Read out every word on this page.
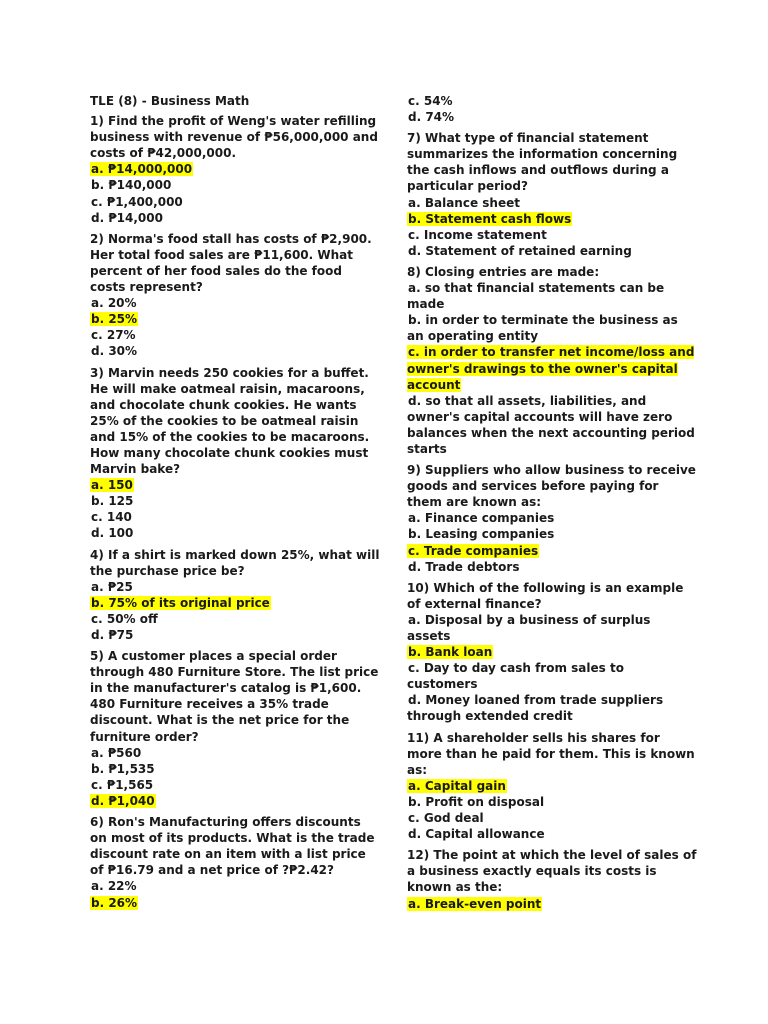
TLE (8) - Business Math
1) Find the profit of Weng's water refilling business with revenue of ₱56,000,000 and costs of ₱42,000,000.
a. ₱14,000,000
b. ₱140,000
c. ₱1,400,000
d. ₱14,000
2) Norma's food stall has costs of ₱2,900. Her total food sales are ₱11,600. What percent of her food sales do the food costs represent?
a. 20%
b. 25%
c. 27%
d. 30%
3) Marvin needs 250 cookies for a buffet. He will make oatmeal raisin, macaroons, and chocolate chunk cookies. He wants 25% of the cookies to be oatmeal raisin and 15% of the cookies to be macaroons. How many chocolate chunk cookies must Marvin bake?
a. 150
b. 125
c. 140
d. 100
4) If a shirt is marked down 25%, what will the purchase price be?
a. ₱25
b. 75% of its original price
c. 50% off
d. ₱75
5) A customer places a special order through 480 Furniture Store. The list price in the manufacturer's catalog is ₱1,600. 480 Furniture receives a 35% trade discount. What is the net price for the furniture order?
a. ₱560
b. ₱1,535
c. ₱1,565
d. ₱1,040
6) Ron's Manufacturing offers discounts on most of its products. What is the trade discount rate on an item with a list price of ₱16.79 and a net price of ?₱2.42?
a. 22%
b. 26%
c. 54%
d. 74%
7) What type of financial statement summarizes the information concerning the cash inflows and outflows during a particular period?
a. Balance sheet
b. Statement cash flows
c. Income statement
d. Statement of retained earning
8) Closing entries are made:
a. so that financial statements can be made
b. in order to terminate the business as an operating entity
c. in order to transfer net income/loss and owner's drawings to the owner's capital account
d. so that all assets, liabilities, and owner's capital accounts will have zero balances when the next accounting period starts
9) Suppliers who allow business to receive goods and services before paying for them are known as:
a. Finance companies
b. Leasing companies
c. Trade companies
d. Trade debtors
10) Which of the following is an example of external finance?
a. Disposal by a business of surplus assets
b. Bank loan
c. Day to day cash from sales to customers
d. Money loaned from trade suppliers through extended credit
11) A shareholder sells his shares for more than he paid for them. This is known as:
a. Capital gain
b. Profit on disposal
c. God deal
d. Capital allowance
12) The point at which the level of sales of a business exactly equals its costs is known as the:
a. Break-even point
